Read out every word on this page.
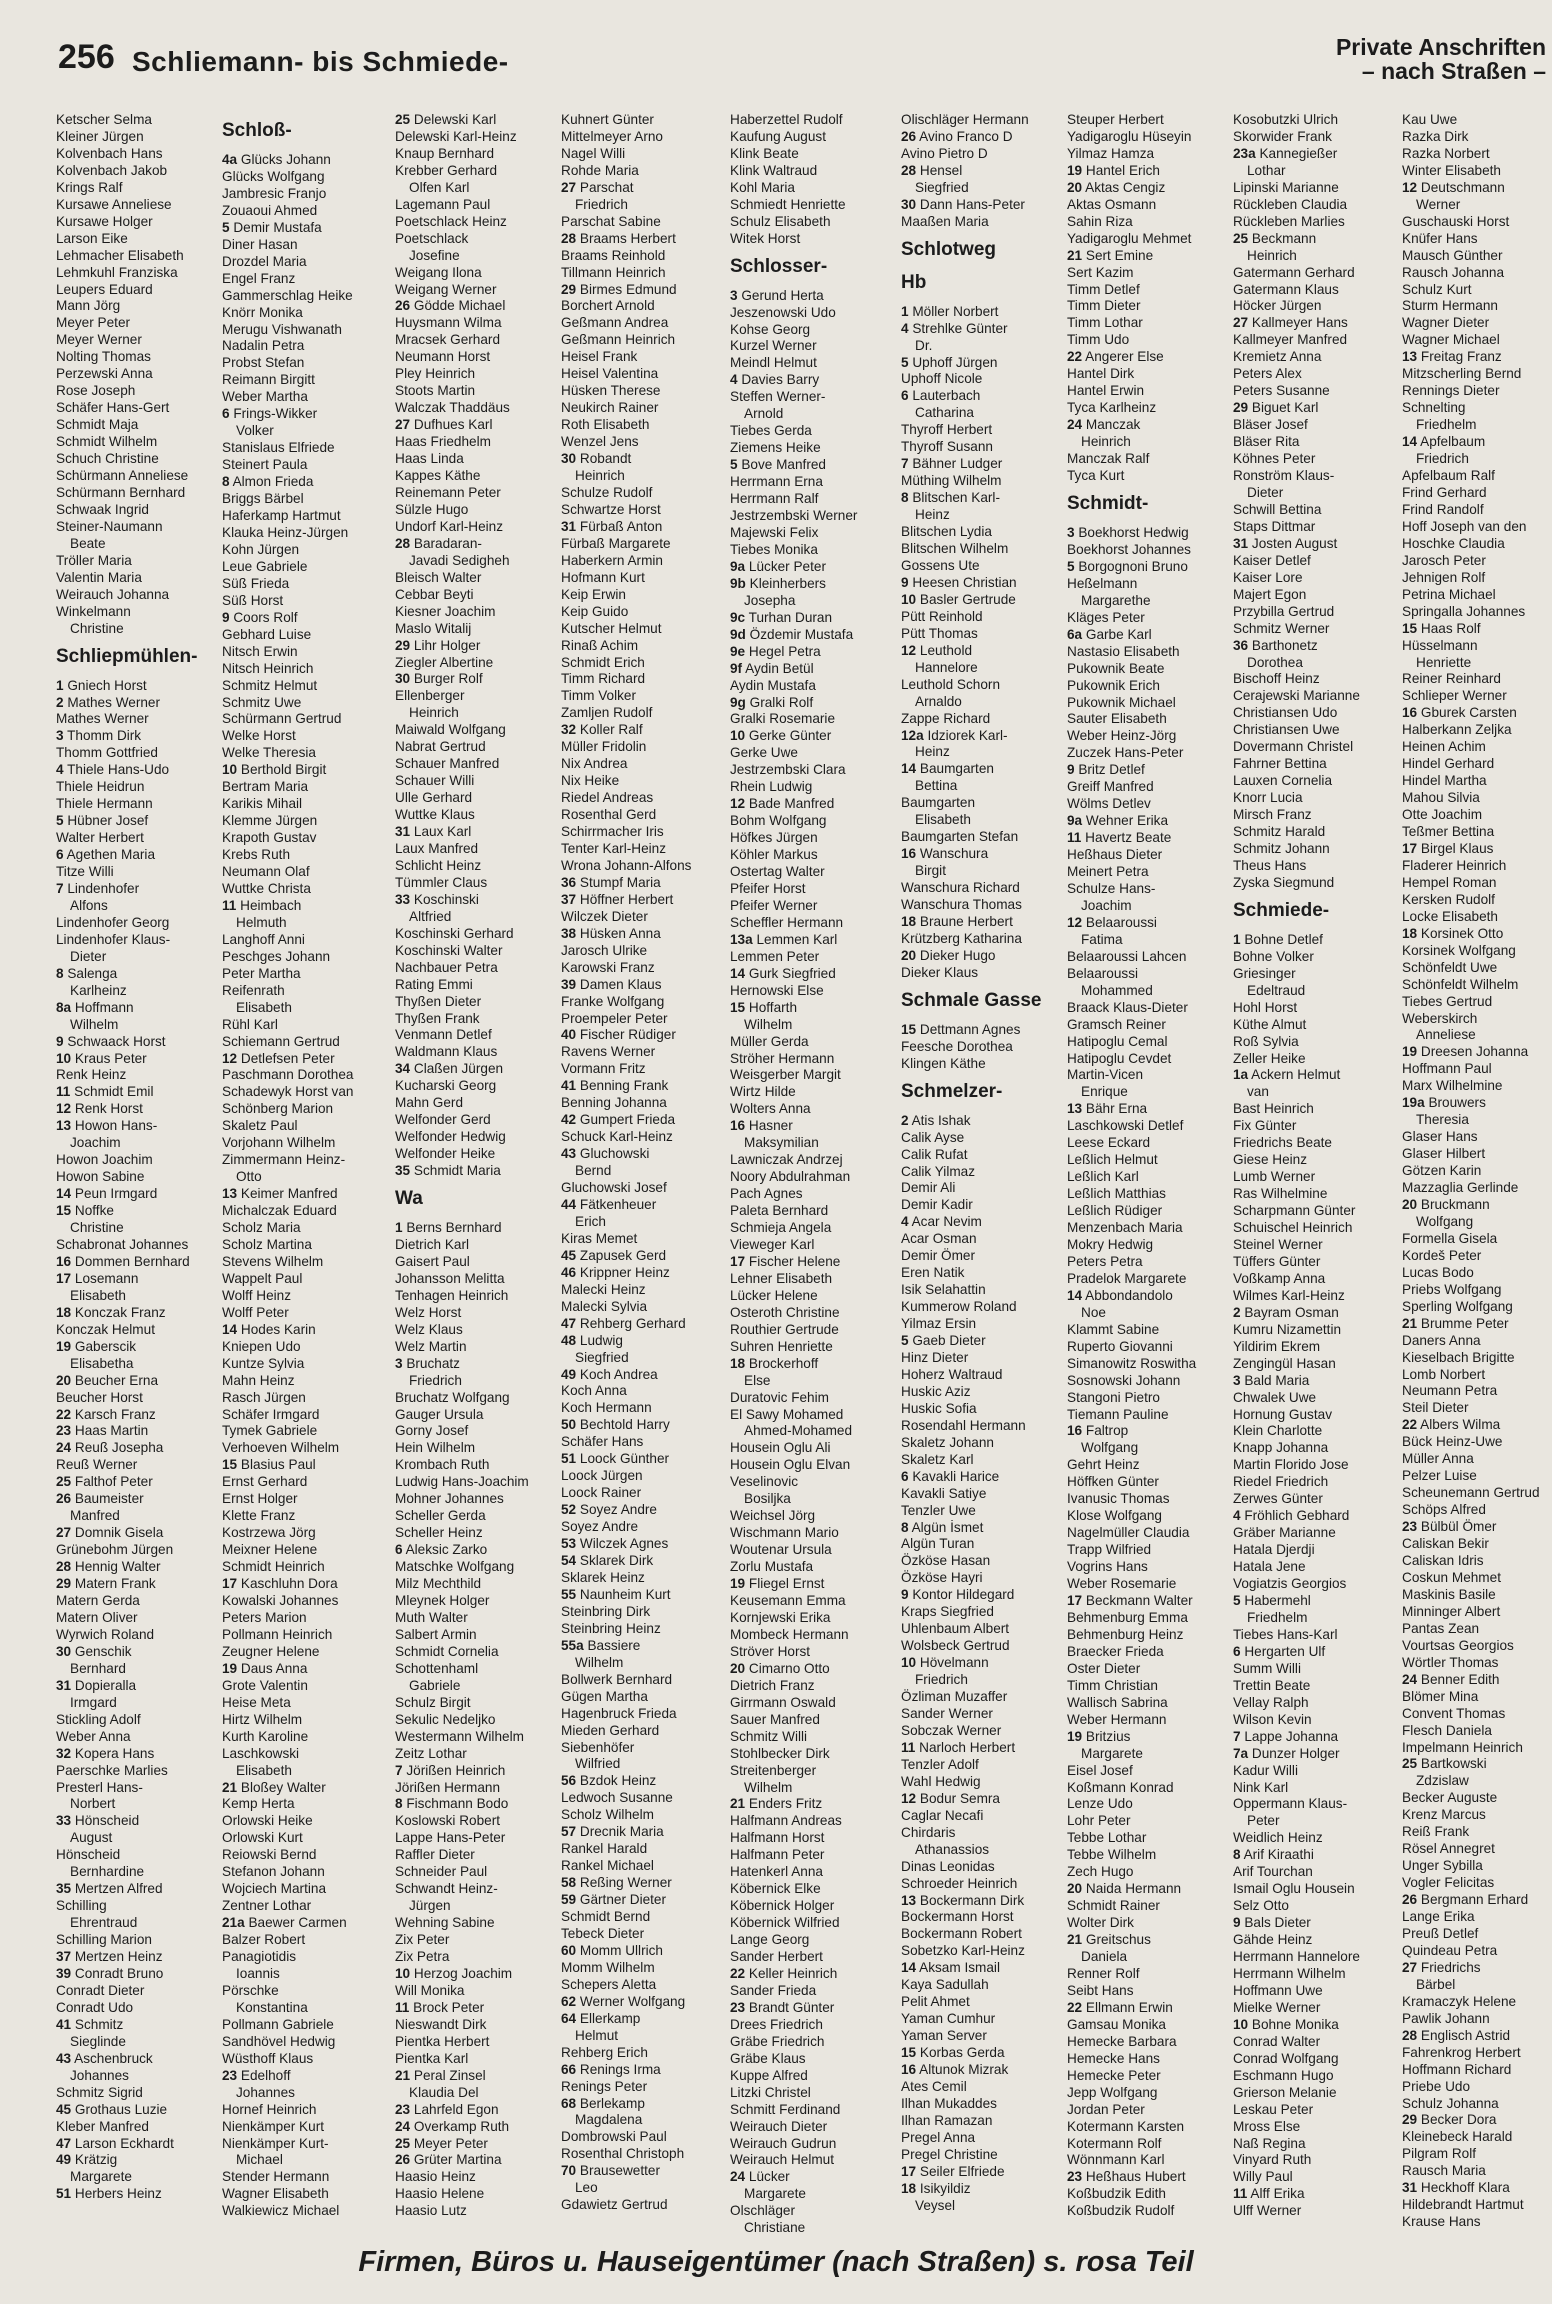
256 Schliemann- bis Schmiede-	Private Anschriften
– nach Straßen –
Ketscher Selma
Kleiner Jürgen
Kolvenbach Hans
Kolvenbach Jakob
Krings Ralf
Kursawe Anneliese
Kursawe Holger
Larson Eike
Lehmacher Elisabeth
Lehmkuhl Franziska
Leupers Eduard
Mann Jörg
Meyer Peter
Meyer Werner
Nolting Thomas
Perzewski Anna
Rose Joseph
Schäfer Hans-Gert
Schmidt Maja
Schmidt Wilhelm
Schuch Christine
Schürmann Anneliese
Schürmann Bernhard
Schwaak Ingrid
Steiner-Naumann
Beate
Tröller Maria
Valentin Maria
Weirauch Johanna
Winkelmann
Christine
Schliepmühlen-
1 Gniech Horst
2 Mathes Werner
Mathes Werner
3 Thomm Dirk
Thomm Gottfried
4 Thiele Hans-Udo
Thiele Heidrun
Thiele Hermann
5 Hübner Josef
Walter Herbert
6 Agethen Maria
Titze Willi
7 Lindenhofer
Alfons
Lindenhofer Georg
Lindenhofer Klaus-
Dieter
8 Salenga
Karlheinz
8a Hoffmann
Wilhelm
9 Schwaack Horst
10 Kraus Peter
Renk Heinz
11 Schmidt Emil
12 Renk Horst
13 Howon Hans-
Joachim
Howon Joachim
Howon Sabine
14 Peun Irmgard
15 Noffke
Christine
Schabronat Johannes
16 Dommen Bernhard
17 Losemann
Elisabeth
18 Konczak Franz
Konczak Helmut
19 Gaberscik
Elisabetha
20 Beucher Erna
Beucher Horst
22 Karsch Franz
23 Haas Martin
24 Reuß Josepha
Reuß Werner
25 Falthof Peter
26 Baumeister
Manfred
27 Domnik Gisela
Grünebohm Jürgen
28 Hennig Walter
29 Matern Frank
Matern Gerda
Matern Oliver
Wyrwich Roland
30 Genschik
Bernhard
31 Dopieralla
Irmgard
Stickling Adolf
Weber Anna
32 Kopera Hans
Paerschke Marlies
Presterl Hans-
Norbert
33 Hönscheid
August
Hönscheid
Bernhardine
35 Mertzen Alfred
Schilling
Ehrentraud
Schilling Marion
37 Mertzen Heinz
39 Conradt Bruno
Conradt Dieter
Conradt Udo
41 Schmitz
Sieglinde
43 Aschenbruck
Johannes
Schmitz Sigrid
45 Grothaus Luzie
Kleber Manfred
47 Larson Eckhardt
49 Krätzig
Margarete
51 Herbers Heinz
Schloß-
4a Glücks Johann
Glücks Wolfgang
Jambresic Franjo
Zouaoui Ahmed
5 Demir Mustafa
Diner Hasan
Drozdel Maria
Engel Franz
Gammerschlag Heike
Knörr Monika
Merugu Vishwanath
Nadalin Petra
Probst Stefan
Reimann Birgitt
Weber Martha
6 Frings-Wikker
Volker
Stanislaus Elfriede
Steinert Paula
8 Almon Frieda
Briggs Bärbel
Haferkamp Hartmut
Klauka Heinz-Jürgen
Kohn Jürgen
Leue Gabriele
Süß Frieda
Süß Horst
9 Coors Rolf
Gebhard Luise
Nitsch Erwin
Nitsch Heinrich
Schmitz Helmut
Schmitz Uwe
Schürmann Gertrud
Welke Horst
Welke Theresia
10 Berthold Birgit
Bertram Maria
Karikis Mihail
Klemme Jürgen
Krapoth Gustav
Krebs Ruth
Neumann Olaf
Wuttke Christa
11 Heimbach
Helmuth
Langhoff Anni
Peschges Johann
Peter Martha
Reifenrath
Elisabeth
Rühl Karl
Schiemann Gertrud
12 Detlefsen Peter
Paschmann Dorothea
Schadewyk Horst van
Schönberg Marion
Skaletz Paul
Vorjohann Wilhelm
Zimmermann Heinz-
Otto
13 Keimer Manfred
Michalczak Eduard
Scholz Maria
Scholz Martina
Stevens Wilhelm
Wappelt Paul
Wolff Heinz
Wolff Peter
14 Hodes Karin
Kniepen Udo
Kuntze Sylvia
Mahn Heinz
Rasch Jürgen
Schäfer Irmgard
Tymek Gabriele
Verhoeven Wilhelm
15 Blasius Paul
Ernst Gerhard
Ernst Holger
Klette Franz
Kostrzewa Jörg
Meixner Helene
Schmidt Heinrich
17 Kaschluhn Dora
Kowalski Johannes
Peters Marion
Pollmann Heinrich
Zeugner Helene
19 Daus Anna
Grote Valentin
Heise Meta
Hirtz Wilhelm
Kurth Karoline
Laschkowski
Elisabeth
21 Bloßey Walter
Kemp Herta
Orlowski Heike
Orlowski Kurt
Reiowski Bernd
Stefanon Johann
Wojciech Martina
Zentner Lothar
21a Baewer Carmen
Balzer Robert
Panagiotidis
Ioannis
Pörschke
Konstantina
Pollmann Gabriele
Sandhövel Hedwig
Wüsthoff Klaus
23 Edelhoff
Johannes
Hornef Heinrich
Nienkämper Kurt
Nienkämper Kurt-
Michael
Stender Hermann
Wagner Elisabeth
Walkiewicz Michael
25 Delewski Karl
Delewski Karl-Heinz
Knaup Bernhard
Krebber Gerhard
Olfen Karl
Lagemann Paul
Poetschlack Heinz
Poetschlack
Josefine
Weigang Ilona
Weigang Werner
26 Gödde Michael
Huysmann Wilma
Mracsek Gerhard
Neumann Horst
Pley Heinrich
Stoots Martin
Walczak Thaddäus
27 Dufhues Karl
Haas Friedhelm
Haas Linda
Kappes Käthe
Reinemann Peter
Sülzle Hugo
Undorf Karl-Heinz
28 Baradaran-
Javadi Sedigheh
Bleisch Walter
Cebbar Beyti
Kiesner Joachim
Maslo Witalij
29 Lihr Holger
Ziegler Albertine
30 Burger Rolf
Ellenberger
Heinrich
Maiwald Wolfgang
Nabrat Gertrud
Schauer Manfred
Schauer Willi
Ulle Gerhard
Wuttke Klaus
31 Laux Karl
Laux Manfred
Schlicht Heinz
Tümmler Claus
33 Koschinski
Altfried
Koschinski Gerhard
Koschinski Walter
Nachbauer Petra
Rating Emmi
Thyßen Dieter
Thyßen Frank
Venmann Detlef
Waldmann Klaus
34 Claßen Jürgen
Kucharski Georg
Mahn Gerd
Welfonder Gerd
Welfonder Hedwig
Welfonder Heike
35 Schmidt Maria
Wa
1 Berns Bernhard
Dietrich Karl
Gaisert Paul
Johansson Melitta
Tenhagen Heinrich
Welz Horst
Welz Klaus
Welz Martin
3 Bruchatz
Friedrich
Bruchatz Wolfgang
Gauger Ursula
Gorny Josef
Hein Wilhelm
Krombach Ruth
Ludwig Hans-Joachim
Mohner Johannes
Scheller Gerda
Scheller Heinz
6 Aleksic Zarko
Matschke Wolfgang
Milz Mechthild
Mleynek Holger
Muth Walter
Salbert Armin
Schmidt Cornelia
Schottenhaml
Gabriele
Schulz Birgit
Sekulic Nedeljko
Westermann Wilhelm
Zeitz Lothar
7 Jörißen Heinrich
Jörißen Hermann
8 Fischmann Bodo
Koslowski Robert
Lappe Hans-Peter
Raffler Dieter
Schneider Paul
Schwandt Heinz-
Jürgen
Wehning Sabine
Zix Peter
Zix Petra
10 Herzog Joachim
Will Monika
11 Brock Peter
Nieswandt Dirk
Pientka Herbert
Pientka Karl
21 Peral Zinsel
Klaudia Del
23 Lahrfeld Egon
24 Overkamp Ruth
25 Meyer Peter
26 Grüter Martina
Haasio Heinz
Haasio Helene
Haasio Lutz
Kuhnert Günter
Mittelmeyer Arno
Nagel Willi
Rohde Maria
27 Parschat
Friedrich
Parschat Sabine
28 Braams Herbert
Braams Reinhold
Tillmann Heinrich
29 Birmes Edmund
Borchert Arnold
Geßmann Andrea
Geßmann Heinrich
Heisel Frank
Heisel Valentina
Hüsken Therese
Neukirch Rainer
Roth Elisabeth
Wenzel Jens
30 Robandt
Heinrich
Schulze Rudolf
Schwartze Horst
31 Fürbaß Anton
Fürbaß Margarete
Haberkern Armin
Hofmann Kurt
Keip Erwin
Keip Guido
Kutscher Helmut
Rinaß Achim
Schmidt Erich
Timm Richard
Timm Volker
Zamljen Rudolf
32 Koller Ralf
Müller Fridolin
Nix Andrea
Nix Heike
Riedel Andreas
Rosenthal Gerd
Schirrmacher Iris
Tenter Karl-Heinz
Wrona Johann-Alfons
36 Stumpf Maria
37 Höffner Herbert
Wilczek Dieter
38 Hüsken Anna
Jarosch Ulrike
Karowski Franz
39 Damen Klaus
Franke Wolfgang
Proempeler Peter
40 Fischer Rüdiger
Ravens Werner
Vormann Fritz
41 Benning Frank
Benning Johanna
42 Gumpert Frieda
Schuck Karl-Heinz
43 Gluchowski
Bernd
Gluchowski Josef
44 Fätkenheuer
Erich
Kiras Memet
45 Zapusek Gerd
46 Krippner Heinz
Malecki Heinz
Malecki Sylvia
47 Rehberg Gerhard
48 Ludwig
Siegfried
49 Koch Andrea
Koch Anna
Koch Hermann
50 Bechtold Harry
Schäfer Hans
51 Loock Günther
Loock Jürgen
Loock Rainer
52 Soyez Andre
Soyez Andre
53 Wilczek Agnes
54 Sklarek Dirk
Sklarek Heinz
55 Naunheim Kurt
Steinbring Dirk
Steinbring Heinz
55a Bassiere
Wilhelm
Bollwerk Bernhard
Gügen Martha
Hagenbruck Frieda
Mieden Gerhard
Siebenhöfer
Wilfried
56 Bzdok Heinz
Ledwoch Susanne
Scholz Wilhelm
57 Drecnik Maria
Rankel Harald
Rankel Michael
58 Reßing Werner
59 Gärtner Dieter
Schmidt Bernd
Tebeck Dieter
60 Momm Ullrich
Momm Wilhelm
Schepers Aletta
62 Werner Wolfgang
64 Ellerkamp
Helmut
Rehberg Erich
66 Renings Irma
Renings Peter
68 Berlekamp
Magdalena
Dombrowski Paul
Rosenthal Christoph
70 Brausewetter
Leo
Gdawietz Gertrud
Haberzettel Rudolf
Kaufung August
Klink Beate
Klink Waltraud
Kohl Maria
Schmiedt Henriette
Schulz Elisabeth
Witek Horst
Schlosser-
3 Gerund Herta
Jeszenowski Udo
Kohse Georg
Kurzel Werner
Meindl Helmut
4 Davies Barry
Steffen Werner-
Arnold
Tiebes Gerda
Ziemens Heike
5 Bove Manfred
Herrmann Erna
Herrmann Ralf
Jestrzembski Werner
Majewski Felix
Tiebes Monika
9a Lücker Peter
9b Kleinherbers
Josepha
9c Turhan Duran
9d Özdemir Mustafa
9e Hegel Petra
9f Aydin Betül
Aydin Mustafa
9g Gralki Rolf
Gralki Rosemarie
10 Gerke Günter
Gerke Uwe
Jestrzembski Clara
Rhein Ludwig
12 Bade Manfred
Bohm Wolfgang
Höfkes Jürgen
Köhler Markus
Ostertag Walter
Pfeifer Horst
Pfeifer Werner
Scheffler Hermann
13a Lemmen Karl
Lemmen Peter
14 Gurk Siegfried
Hernowski Else
15 Hoffarth
Wilhelm
Müller Gerda
Ströher Hermann
Weisgerber Margit
Wirtz Hilde
Wolters Anna
16 Hasner
Maksymilian
Lawniczak Andrzej
Noory Abdulrahman
Pach Agnes
Paleta Bernhard
Schmieja Angela
Vieweger Karl
17 Fischer Helene
Lehner Elisabeth
Lücker Helene
Osteroth Christine
Routhier Gertrude
Suhren Henriette
18 Brockerhoff
Else
Duratovic Fehim
El Sawy Mohamed
Ahmed-Mohamed
Housein Oglu Ali
Housein Oglu Elvan
Veselinovic
Bosiljka
Weichsel Jörg
Wischmann Mario
Woutenar Ursula
Zorlu Mustafa
19 Fliegel Ernst
Keusemann Emma
Kornjewski Erika
Mombeck Hermann
Ströver Horst
20 Cimarno Otto
Dietrich Franz
Girrmann Oswald
Sauer Manfred
Schmitz Willi
Stohlbecker Dirk
Streitenberger
Wilhelm
21 Enders Fritz
Halfmann Andreas
Halfmann Horst
Halfmann Peter
Hatenkerl Anna
Köbernick Elke
Köbernick Holger
Köbernick Wilfried
Lange Georg
Sander Herbert
22 Keller Heinrich
Sander Frieda
23 Brandt Günter
Drees Friedrich
Gräbe Friedrich
Gräbe Klaus
Kuppe Alfred
Litzki Christel
Schmitt Ferdinand
Weirauch Dieter
Weirauch Gudrun
Weirauch Helmut
24 Lücker
Margarete
Olschläger
Christiane
Olischläger Hermann
26 Avino Franco D
Avino Pietro D
28 Hensel
Siegfried
30 Dann Hans-Peter
Maaßen Maria
Schlotweg
Hb
1 Möller Norbert
4 Strehlke Günter
Dr.
5 Uphoff Jürgen
Uphoff Nicole
6 Lauterbach
Catharina
Thyroff Herbert
Thyroff Susann
7 Bähner Ludger
Müthing Wilhelm
8 Blitschen Karl-
Heinz
Blitschen Lydia
Blitschen Wilhelm
Gossens Ute
9 Heesen Christian
10 Basler Gertrude
Pütt Reinhold
Pütt Thomas
12 Leuthold
Hannelore
Leuthold Schorn
Arnaldo
Zappe Richard
12a Idziorek Karl-
Heinz
14 Baumgarten
Bettina
Baumgarten
Elisabeth
Baumgarten Stefan
16 Wanschura
Birgit
Wanschura Richard
Wanschura Thomas
18 Braune Herbert
Krützberg Katharina
20 Dieker Hugo
Dieker Klaus
Schmale Gasse
15 Dettmann Agnes
Feesche Dorothea
Klingen Käthe
Schmelzer-
2 Atis Ishak
Calik Ayse
Calik Rufat
Calik Yilmaz
Demir Ali
Demir Kadir
4 Acar Nevim
Acar Osman
Demir Ömer
Eren Natik
Isik Selahattin
Kummerow Roland
Yilmaz Ersin
5 Gaeb Dieter
Hinz Dieter
Hoherz Waltraud
Huskic Aziz
Huskic Sofia
Rosendahl Hermann
Skaletz Johann
Skaletz Karl
6 Kavakli Harice
Kavakli Satiye
Tenzler Uwe
8 Algün İsmet
Algün Turan
Özköse Hasan
Özköse Hayri
9 Kontor Hildegard
Kraps Siegfried
Uhlenbaum Albert
Wolsbeck Gertrud
10 Hövelmann
Friedrich
Özliman Muzaffer
Sander Werner
Sobczak Werner
11 Narloch Herbert
Tenzler Adolf
Wahl Hedwig
12 Bodur Semra
Caglar Necafi
Chirdaris
Athanassios
Dinas Leonidas
Schroeder Heinrich
13 Bockermann Dirk
Bockermann Horst
Bockermann Robert
Sobetzko Karl-Heinz
14 Aksam Ismail
Kaya Sadullah
Pelit Ahmet
Yaman Cumhur
Yaman Server
15 Korbas Gerda
16 Altunok Mizrak
Ates Cemil
Ilhan Mukaddes
Ilhan Ramazan
Pregel Anna
Pregel Christine
17 Seiler Elfriede
18 Isikyildiz
Veysel
Steuper Herbert
Yadigaroglu Hüseyin
Yilmaz Hamza
19 Hantel Erich
20 Aktas Cengiz
Aktas Osmann
Sahin Riza
Yadigaroglu Mehmet
21 Sert Emine
Sert Kazim
Timm Detlef
Timm Dieter
Timm Lothar
Timm Udo
22 Angerer Else
Hantel Dirk
Hantel Erwin
Tyca Karlheinz
24 Manczak
Heinrich
Manczak Ralf
Tyca Kurt
Schmidt-
3 Boekhorst Hedwig
Boekhorst Johannes
5 Borgognoni Bruno
Heßelmann
Margarethe
Kläges Peter
6a Garbe Karl
Nastasio Elisabeth
Pukownik Beate
Pukownik Erich
Pukownik Michael
Sauter Elisabeth
Weber Heinz-Jörg
Zuczek Hans-Peter
9 Britz Detlef
Greiff Manfred
Wölms Detlev
9a Wehner Erika
11 Havertz Beate
Heßhaus Dieter
Meinert Petra
Schulze Hans-
Joachim
12 Belaaroussi
Fatima
Belaaroussi Lahcen
Belaaroussi
Mohammed
Braack Klaus-Dieter
Gramsch Reiner
Hatipoglu Cemal
Hatipoglu Cevdet
Martin-Vicen
Enrique
13 Bähr Erna
Laschkowski Detlef
Leese Eckard
Leßlich Helmut
Leßlich Karl
Leßlich Matthias
Leßlich Rüdiger
Menzenbach Maria
Mokry Hedwig
Peters Petra
Pradelok Margarete
14 Abbondandolo
Noe
Klammt Sabine
Ruperto Giovanni
Simanowitz Roswitha
Sosnowski Johann
Stangoni Pietro
Tiemann Pauline
16 Faltrop
Wolfgang
Gehrt Heinz
Höffken Günter
Ivanusic Thomas
Klose Wolfgang
Nagelmüller Claudia
Trapp Wilfried
Vogrins Hans
Weber Rosemarie
17 Beckmann Walter
Behmenburg Emma
Behmenburg Heinz
Braecker Frieda
Oster Dieter
Timm Christian
Wallisch Sabrina
Weber Hermann
19 Britzius
Margarete
Eisel Josef
Koßmann Konrad
Lenze Udo
Lohr Peter
Tebbe Lothar
Tebbe Wilhelm
Zech Hugo
20 Naida Hermann
Schmidt Rainer
Wolter Dirk
21 Greitschus
Daniela
Renner Rolf
Seibt Hans
22 Ellmann Erwin
Gamsau Monika
Hemecke Barbara
Hemecke Hans
Hemecke Peter
Jepp Wolfgang
Jordan Peter
Kotermann Karsten
Kotermann Rolf
Wönnmann Karl
23 Heßhaus Hubert
Koßbudzik Edith
Koßbudzik Rudolf
Kosobutzki Ulrich
Skorwider Frank
23a Kannegießer
Lothar
Lipinski Marianne
Rückleben Claudia
Rückleben Marlies
25 Beckmann
Heinrich
Gatermann Gerhard
Gatermann Klaus
Höcker Jürgen
27 Kallmeyer Hans
Kallmeyer Manfred
Kremietz Anna
Peters Alex
Peters Susanne
29 Biguet Karl
Bläser Josef
Bläser Rita
Köhnes Peter
Ronström Klaus-
Dieter
Schwill Bettina
Staps Dittmar
31 Josten August
Kaiser Detlef
Kaiser Lore
Majert Egon
Przybilla Gertrud
Schmitz Werner
36 Barthonetz
Dorothea
Bischoff Heinz
Cerajewski Marianne
Christiansen Udo
Christiansen Uwe
Dovermann Christel
Fahrner Bettina
Lauxen Cornelia
Knorr Lucia
Mirsch Franz
Schmitz Harald
Schmitz Johann
Theus Hans
Zyska Siegmund
Schmiede-
1 Bohne Detlef
Bohne Volker
Griesinger
Edeltraud
Hohl Horst
Küthe Almut
Roß Sylvia
Zeller Heike
1a Ackern Helmut
van
Bast Heinrich
Fix Günter
Friedrichs Beate
Giese Heinz
Lumb Werner
Ras Wilhelmine
Scharpmann Günter
Schuischel Heinrich
Steinel Werner
Tüffers Günter
Voßkamp Anna
Wilmes Karl-Heinz
2 Bayram Osman
Kumru Nizamettin
Yildirim Ekrem
Zengingül Hasan
3 Bald Maria
Chwalek Uwe
Hornung Gustav
Klein Charlotte
Knapp Johanna
Martin Florido Jose
Riedel Friedrich
Zerwes Günter
4 Fröhlich Gebhard
Gräber Marianne
Hatala Djerdji
Hatala Jene
Vogiatzis Georgios
5 Habermehl
Friedhelm
Tiebes Hans-Karl
6 Hergarten Ulf
Summ Willi
Trettin Beate
Vellay Ralph
Wilson Kevin
7 Lappe Johanna
7a Dunzer Holger
Kadur Willi
Nink Karl
Oppermann Klaus-
Peter
Weidlich Heinz
8 Arif Kiraathi
Arif Tourchan
Ismail Oglu Housein
Selz Otto
9 Bals Dieter
Gähde Heinz
Herrmann Hannelore
Herrmann Wilhelm
Hoffmann Uwe
Mielke Werner
10 Bohne Monika
Conrad Walter
Conrad Wolfgang
Eschmann Hugo
Grierson Melanie
Leskau Peter
Mross Else
Naß Regina
Vinyard Ruth
Willy Paul
11 Alff Erika
Ulff Werner
Kau Uwe
Razka Dirk
Razka Norbert
Winter Elisabeth
12 Deutschmann
Werner
Guschauski Horst
Knüfer Hans
Mausch Günther
Rausch Johanna
Schulz Kurt
Sturm Hermann
Wagner Dieter
Wagner Michael
13 Freitag Franz
Mitzscherling Bernd
Rennings Dieter
Schnelting
Friedhelm
14 Apfelbaum
Friedrich
Apfelbaum Ralf
Frind Gerhard
Frind Randolf
Hoff Joseph van den
Hoschke Claudia
Jarosch Peter
Jehnigen Rolf
Petrina Michael
Springalla Johannes
15 Haas Rolf
Hüsselmann
Henriette
Reiner Reinhard
Schlieper Werner
16 Gburek Carsten
Halberkann Zeljka
Heinen Achim
Hindel Gerhard
Hindel Martha
Mahou Silvia
Otte Joachim
Teßmer Bettina
17 Birgel Klaus
Fladerer Heinrich
Hempel Roman
Kersken Rudolf
Locke Elisabeth
18 Korsinek Otto
Korsinek Wolfgang
Schönfeldt Uwe
Schönfeldt Wilhelm
Tiebes Gertrud
Weberskirch
Anneliese
19 Dreesen Johanna
Hoffmann Paul
Marx Wilhelmine
19a Brouwers
Theresia
Glaser Hans
Glaser Hilbert
Götzen Karin
Mazzaglia Gerlinde
20 Bruckmann
Wolfgang
Formella Gisela
Kordeš Peter
Lucas Bodo
Priebs Wolfgang
Sperling Wolfgang
21 Brumme Peter
Daners Anna
Kieselbach Brigitte
Lomb Norbert
Neumann Petra
Steil Dieter
22 Albers Wilma
Bück Heinz-Uwe
Müller Anna
Pelzer Luise
Scheunemann Gertrud
Schöps Alfred
23 Bülbül Ömer
Caliskan Bekir
Caliskan Idris
Coskun Mehmet
Maskinis Basile
Minninger Albert
Pantas Zean
Vourtsas Georgios
Wörtler Thomas
24 Benner Edith
Blömer Mina
Convent Thomas
Flesch Daniela
Impelmann Heinrich
25 Bartkowski
Zdzislaw
Becker Auguste
Krenz Marcus
Reiß Frank
Rösel Annegret
Unger Sybilla
Vogler Felicitas
26 Bergmann Erhard
Lange Erika
Preuß Detlef
Quindeau Petra
27 Friedrichs
Bärbel
Kramaczyk Helene
Pawlik Johann
28 Englisch Astrid
Fahrenkrog Herbert
Hoffmann Richard
Priebe Udo
Schulz Johanna
29 Becker Dora
Kleinebeck Harald
Pilgram Rolf
Rausch Maria
31 Heckhoff Klara
Hildebrandt Hartmut
Krause Hans
Firmen, Büros u. Hauseigentümer (nach Straßen) s. rosa Teil
